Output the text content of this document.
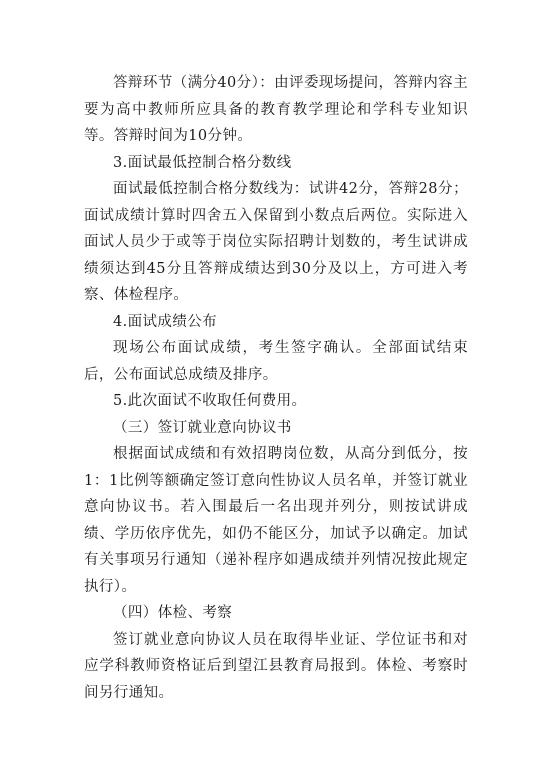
答辩环节（满分40分）：由评委现场提问，答辩内容主要为高中教师所应具备的教育教学理论和学科专业知识等。答辩时间为10分钟。

3.面试最低控制合格分数线

面试最低控制合格分数线为：试讲42分，答辩28分；面试成绩计算时四舍五入保留到小数点后两位。实际进入面试人员少于或等于岗位实际招聘计划数的，考生试讲成绩须达到45分且答辩成绩达到30分及以上，方可进入考察、体检程序。

4.面试成绩公布

现场公布面试成绩，考生签字确认。全部面试结束后，公布面试总成绩及排序。

5.此次面试不收取任何费用。

（三）签订就业意向协议书

根据面试成绩和有效招聘岗位数，从高分到低分，按1：1比例等额确定签订意向性协议人员名单，并签订就业意向协议书。若入围最后一名出现并列分，则按试讲成绩、学历依序优先，如仍不能区分，加试予以确定。加试有关事项另行通知（递补程序如遇成绩并列情况按此规定执行）。

（四）体检、考察

签订就业意向协议人员在取得毕业证、学位证书和对应学科教师资格证后到望江县教育局报到。体检、考察时间另行通知。
